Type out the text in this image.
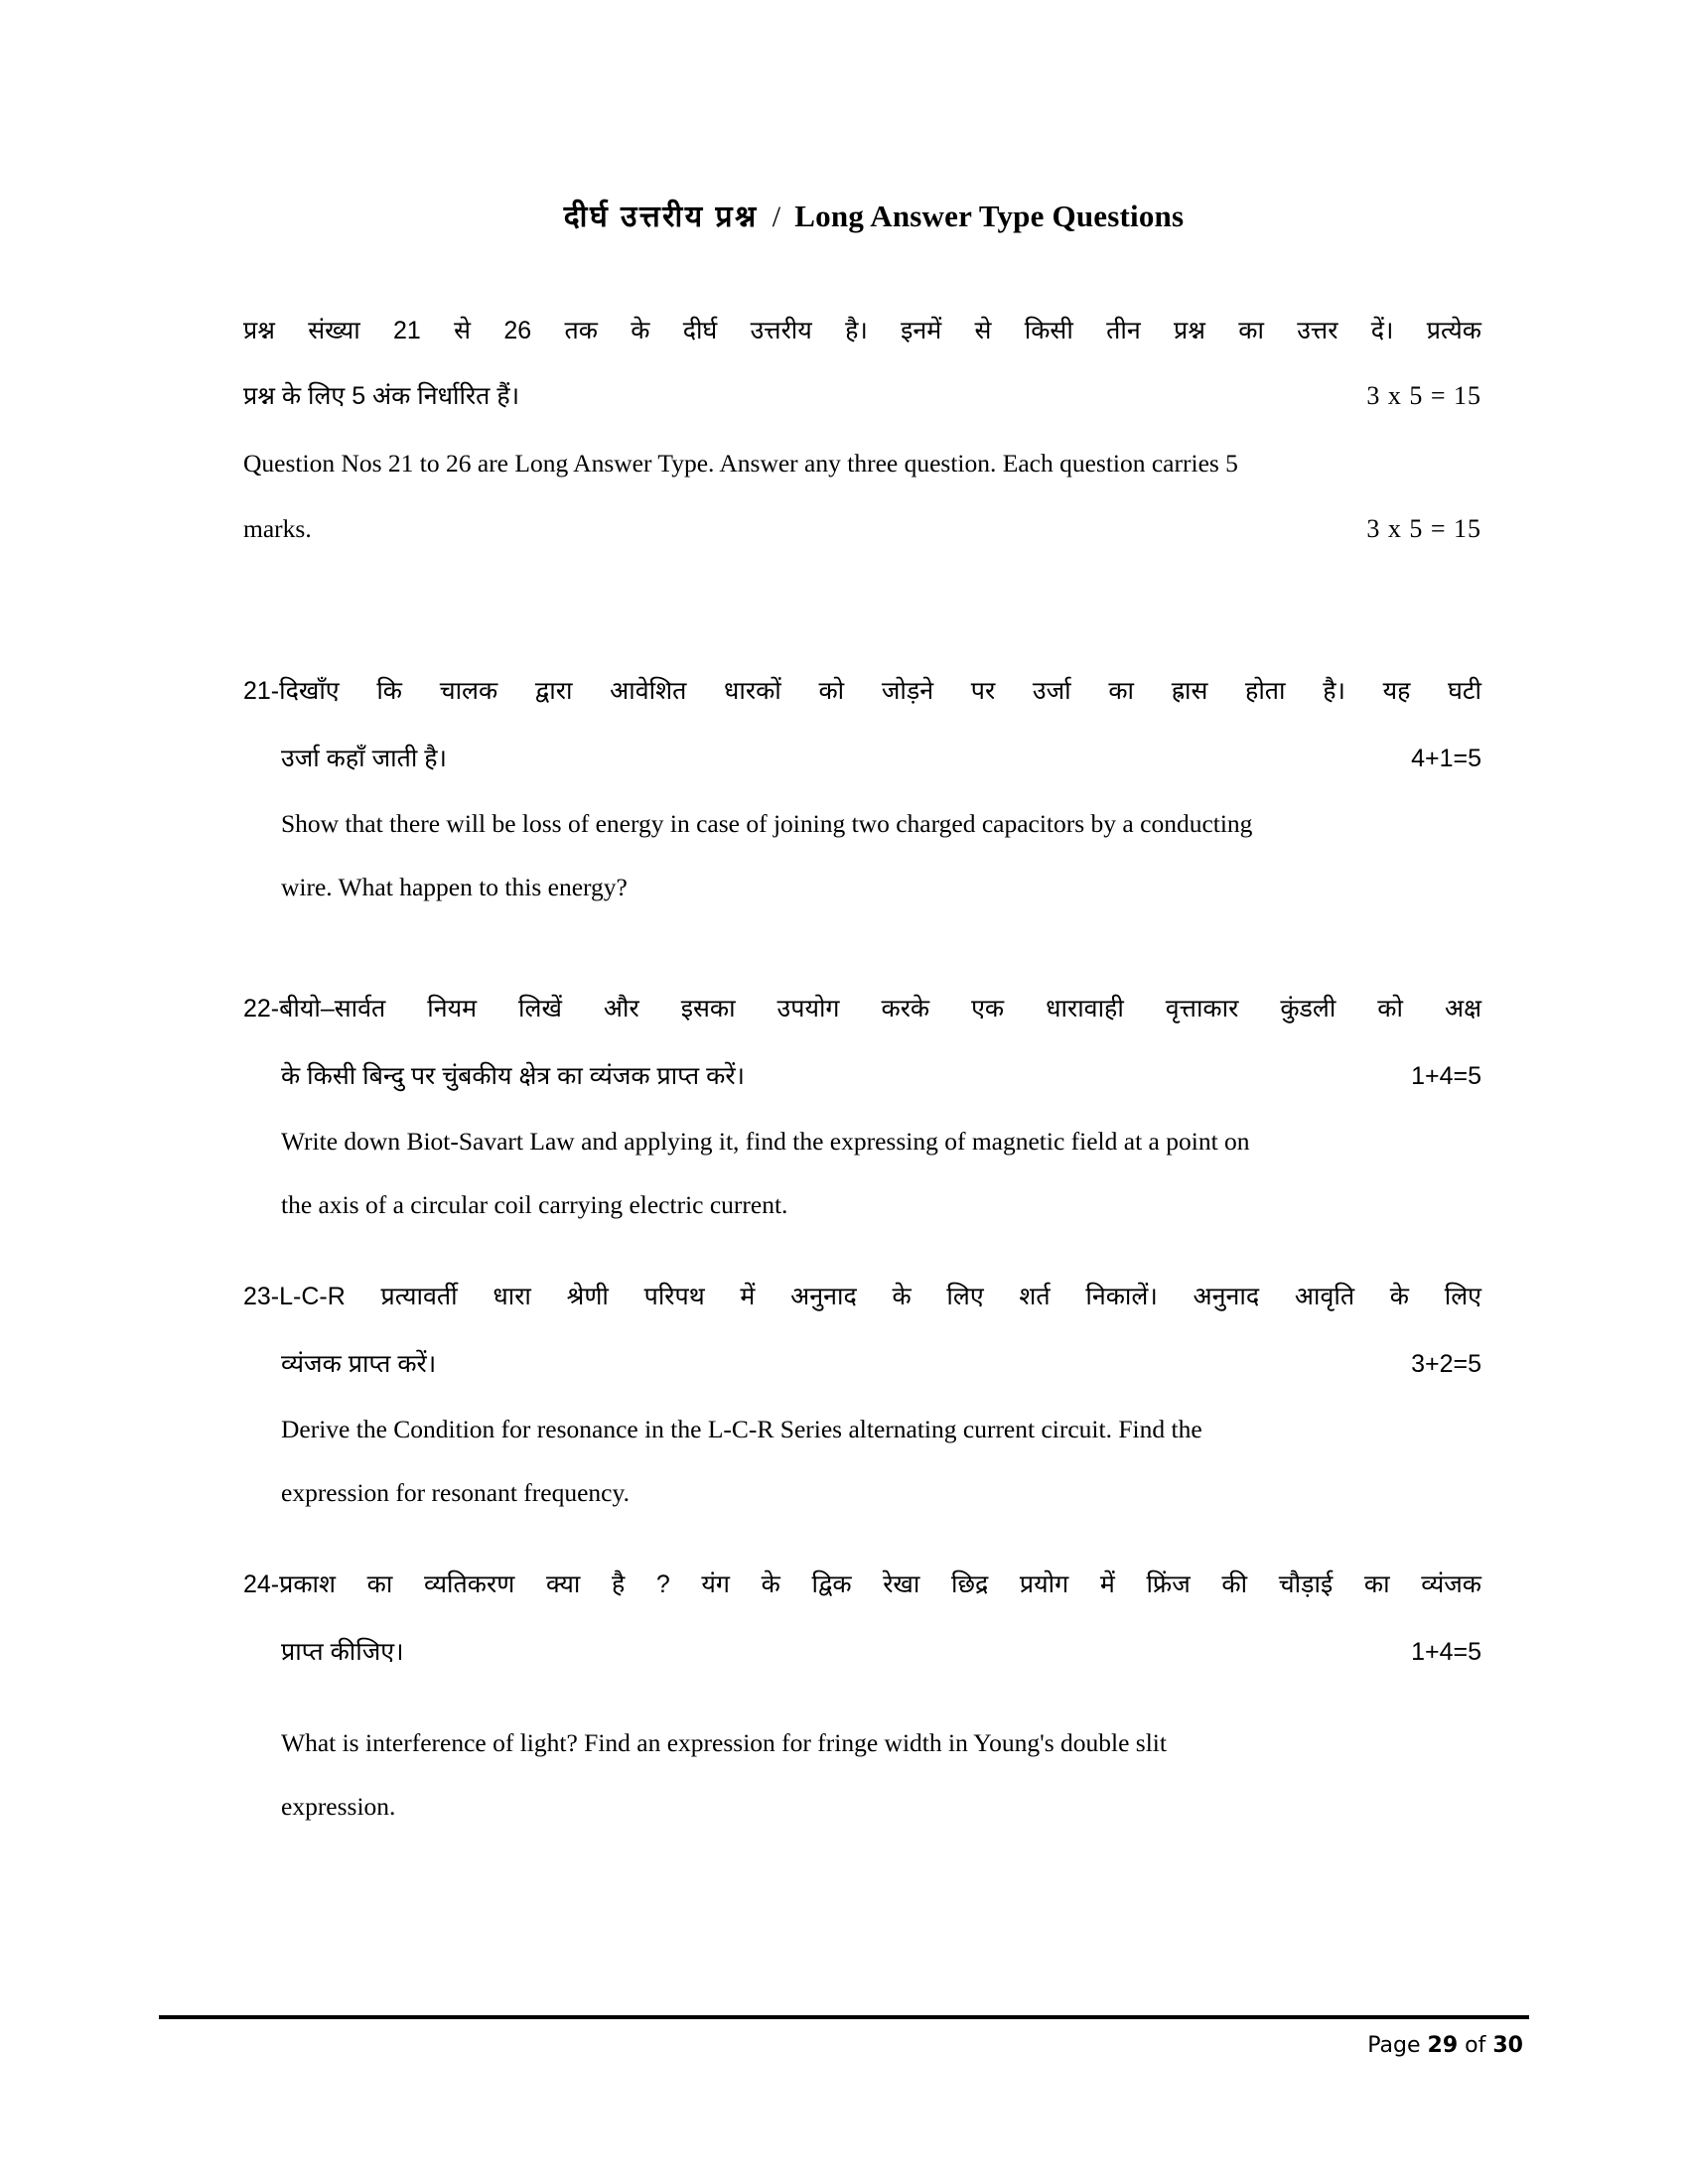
दीर्घ उत्तरीय प्रश्न / Long Answer Type Questions
प्रश्न संख्या 21 से 26 तक के दीर्घ उत्तरीय है। इनमें से किसी तीन प्रश्न का उत्तर दें। प्रत्येक
प्रश्न के लिए 5 अंक निर्धारित हैं।	3 x 5 = 15
Question Nos 21 to 26 are Long Answer Type. Answer any three question. Each question carries 5
marks.	3 x 5 = 15
21-दिखाँए कि चालक द्वारा आवेशित धारकों को जोड़ने पर उर्जा का ह्रास होता है। यह घटी
उर्जा कहाँ जाती है।	4+1=5
Show that there will be loss of energy in case of joining two charged capacitors by a conducting
wire. What happen to this energy?
22-बीयो–सार्वत नियम लिखें और इसका उपयोग करके एक धारावाही वृत्ताकार कुंडली को अक्ष
के किसी बिन्दु पर चुंबकीय क्षेत्र का व्यंजक प्राप्त करें।	1+4=5
Write down Biot-Savart Law and applying it, find the expressing of magnetic field at a point on
the axis of a circular coil carrying electric current.
23-L-C-R प्रत्यावर्ती धारा श्रेणी परिपथ में अनुनाद के लिए शर्त निकालें। अनुनाद आवृति के लिए
व्यंजक प्राप्त करें।	3+2=5
Derive the Condition for resonance in the L-C-R Series alternating current circuit. Find the
expression for resonant frequency.
24-प्रकाश का व्यतिकरण क्या है ? यंग के द्विक रेखा छिद्र प्रयोग में फ्रिंज की चौड़ाई का व्यंजक
प्राप्त कीजिए।	1+4=5
What is interference of light? Find an expression for fringe width in Young's double slit
expression.
Page 29 of 30
